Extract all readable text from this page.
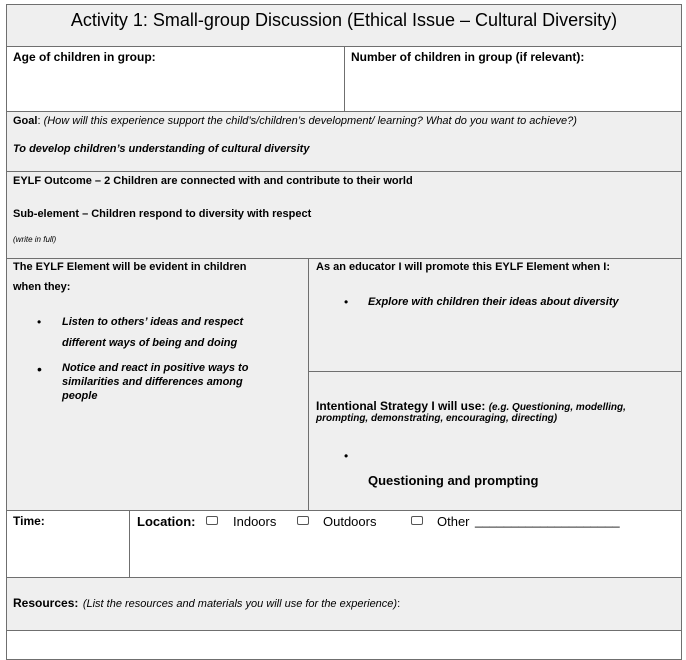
Activity 1: Small-group Discussion (Ethical Issue – Cultural Diversity)
Age of children in group:	Number of children in group (if relevant):
Goal: (How will this experience support the child’s/children’s development/ learning? What do you want to achieve?)
To develop children’s understanding of cultural diversity
EYLF Outcome – 2 Children are connected with and contribute to their world
Sub-element – Children respond to diversity with respect
(write in full)
The EYLF Element will be evident in children
when they:
• Listen to others’ ideas and respect
different ways of being and doing
• Notice and react in positive ways to
similarities and differences among
people
As an educator I will promote this EYLF Element when I:
• Explore with children their ideas about diversity
Intentional Strategy I will use: (e.g. Questioning, modelling,
prompting, demonstrating, encouraging, directing)
•
Questioning and prompting
Time:	Location:	Indoors	Outdoors	Other ____________________
Resources: (List the resources and materials you will use for the experience):
